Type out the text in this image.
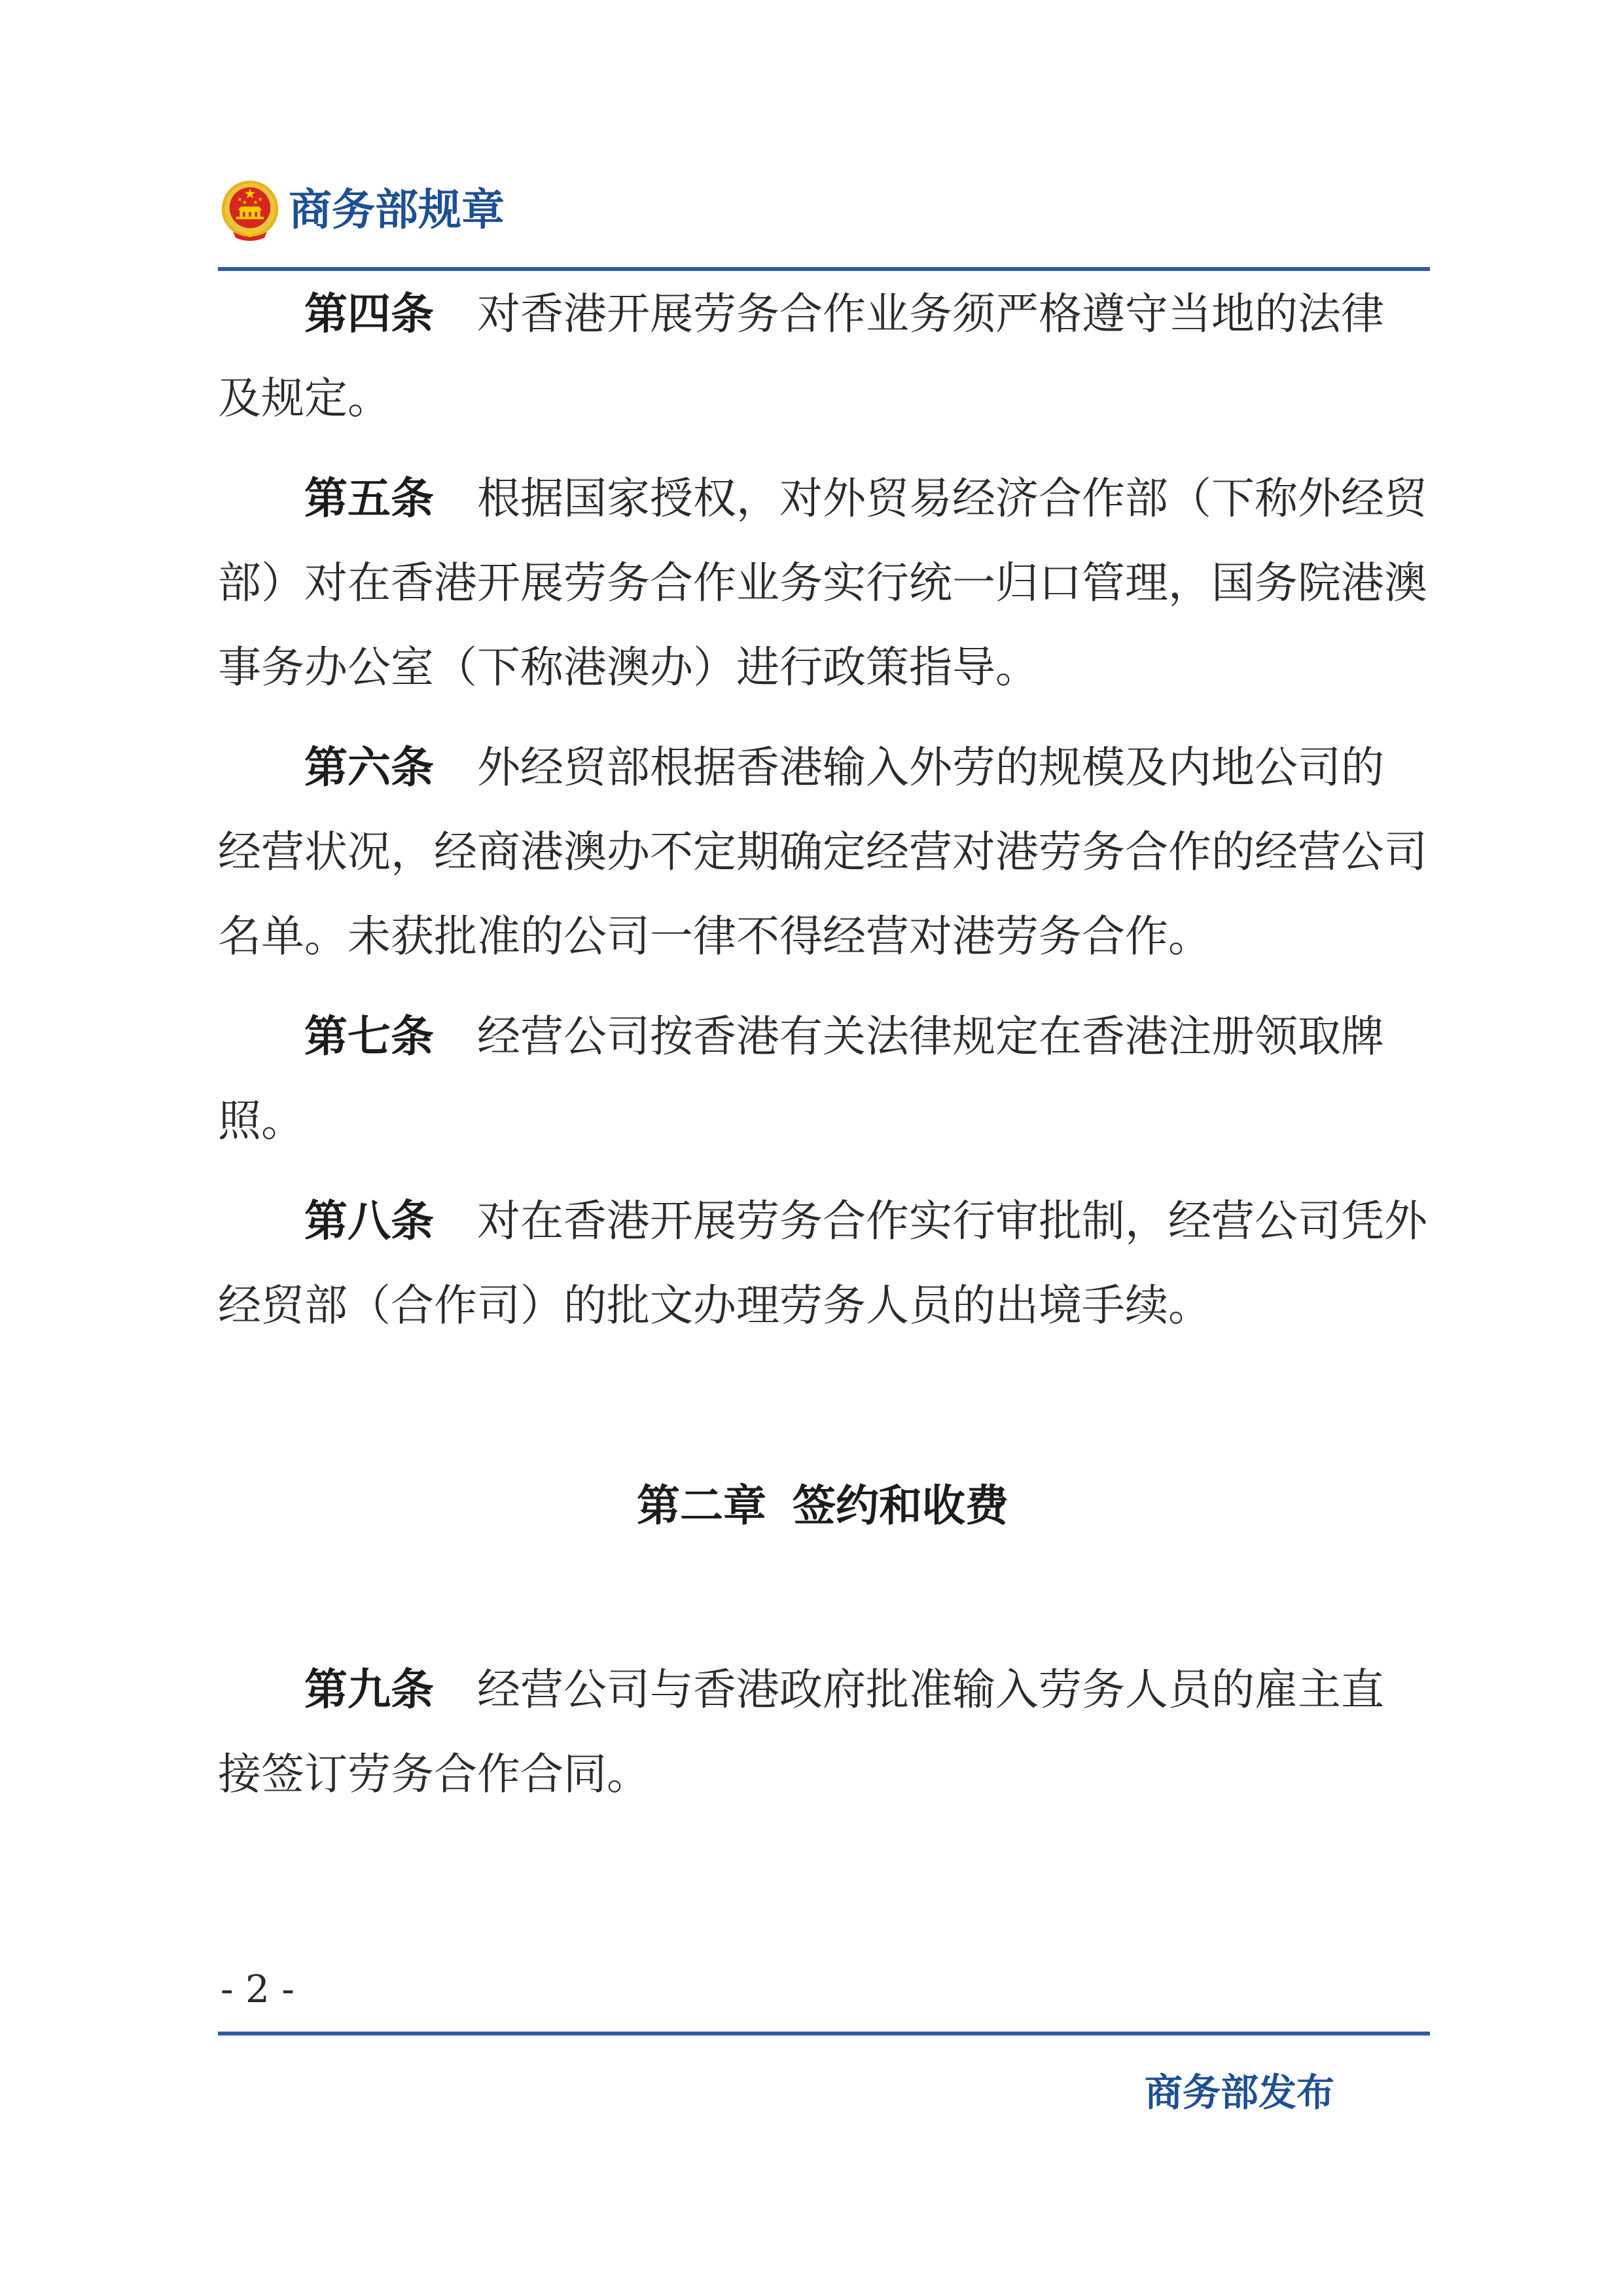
商务部规章
第四条 对香港开展劳务合作业务须严格遵守当地的法律
及规定。
第五条 根据国家授权，对外贸易经济合作部（下称外经贸
部）对在香港开展劳务合作业务实行统一归口管理，国务院港澳
事务办公室（下称港澳办）进行政策指导。
第六条 外经贸部根据香港输入外劳的规模及内地公司的
经营状况，经商港澳办不定期确定经营对港劳务合作的经营公司
名单。未获批准的公司一律不得经营对港劳务合作。
第七条 经营公司按香港有关法律规定在香港注册领取牌
照。
第八条 对在香港开展劳务合作实行审批制，经营公司凭外
经贸部（合作司）的批文办理劳务人员的出境手续。
第二章 签约和收费
第九条 经营公司与香港政府批准输入劳务人员的雇主直
接签订劳务合作合同。
- 2 -
商务部发布
